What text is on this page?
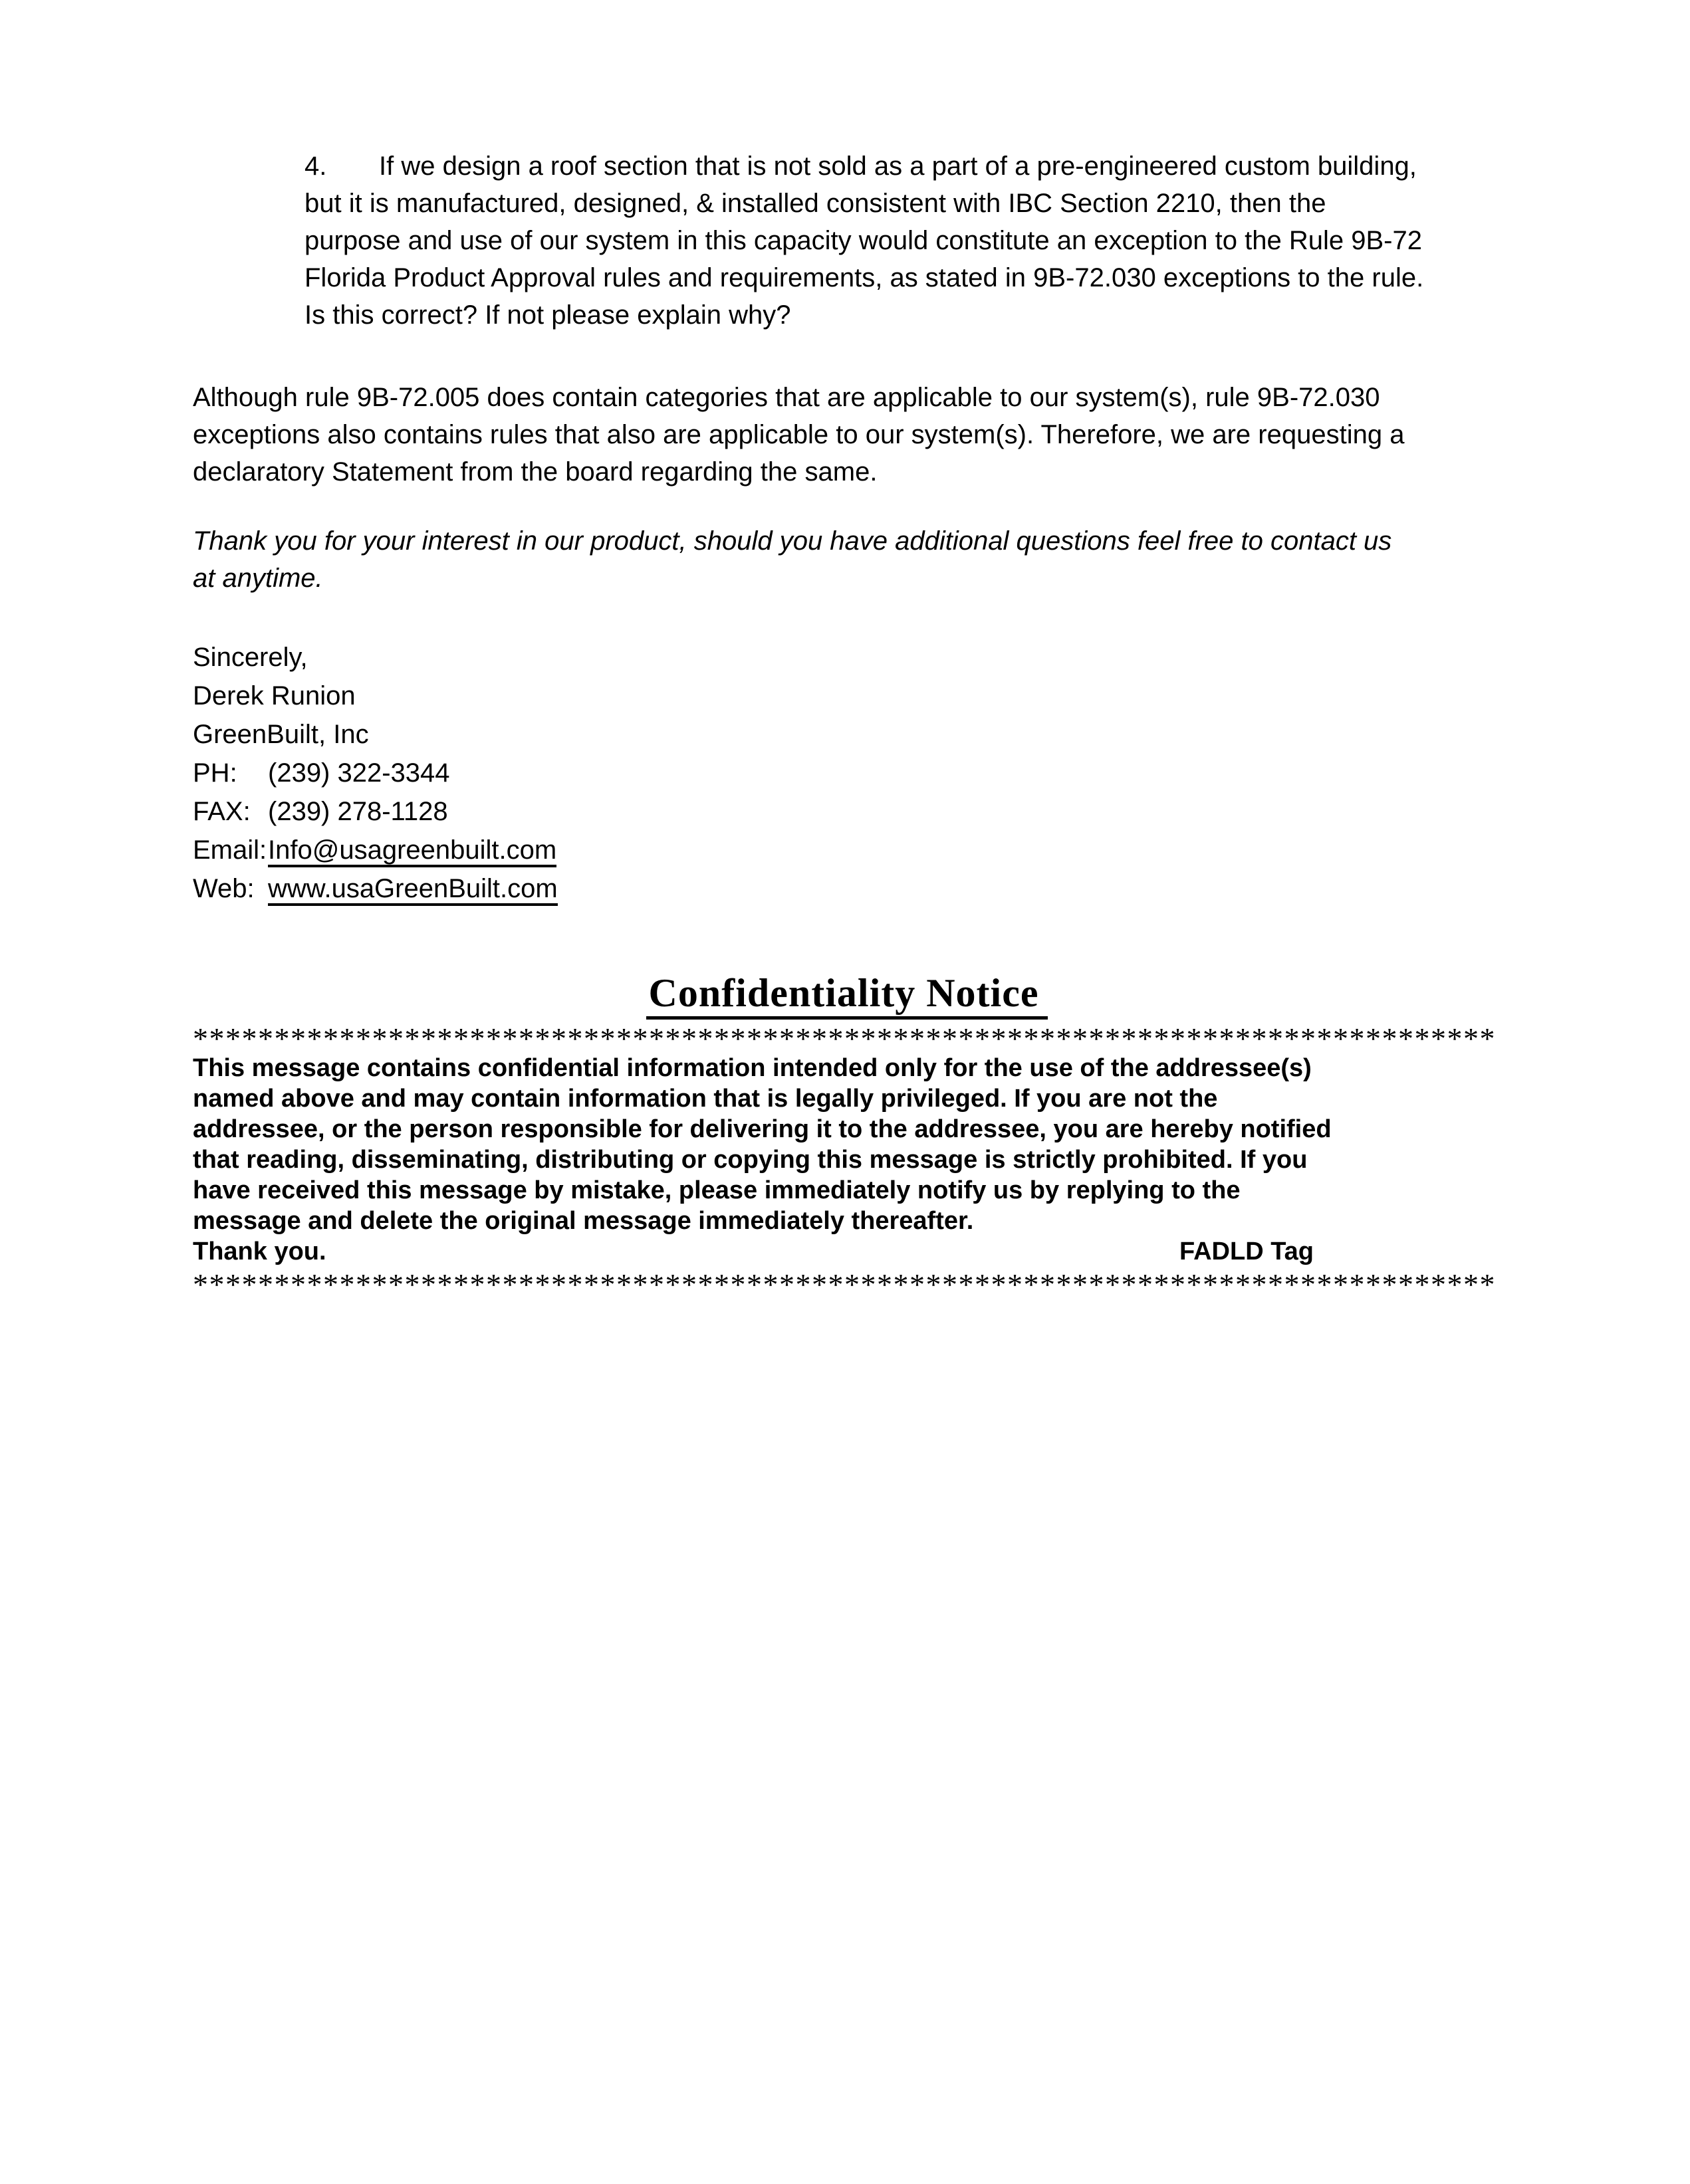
4. If we design a roof section that is not sold as a part of a pre-engineered custom building,
but it is manufactured, designed, & installed consistent with IBC Section 2210, then the
purpose and use of our system in this capacity would constitute an exception to the Rule 9B-72
Florida Product Approval rules and requirements, as stated in 9B-72.030 exceptions to the rule.
Is this correct? If not please explain why?
Although rule 9B-72.005 does contain categories that are applicable to our system(s), rule 9B-72.030
exceptions also contains rules that also are applicable to our system(s). Therefore, we are requesting a
declaratory Statement from the board regarding the same.
Thank you for your interest in our product, should you have additional questions feel free to contact us
at anytime.
Sincerely,
Derek Runion
GreenBuilt, Inc
PH: (239) 322-3344
FAX: (239) 278-1128
Email:Info@usagreenbuilt.com
Web: www.usaGreenBuilt.com
Confidentiality Notice
********************************************************************************
This message contains confidential information intended only for the use of the addressee(s)
named above and may contain information that is legally privileged. If you are not the
addressee, or the person responsible for delivering it to the addressee, you are hereby notified
that reading, disseminating, distributing or copying this message is strictly prohibited. If you
have received this message by mistake, please immediately notify us by replying to the
message and delete the original message immediately thereafter.
Thank you.	FADLD Tag
********************************************************************************
